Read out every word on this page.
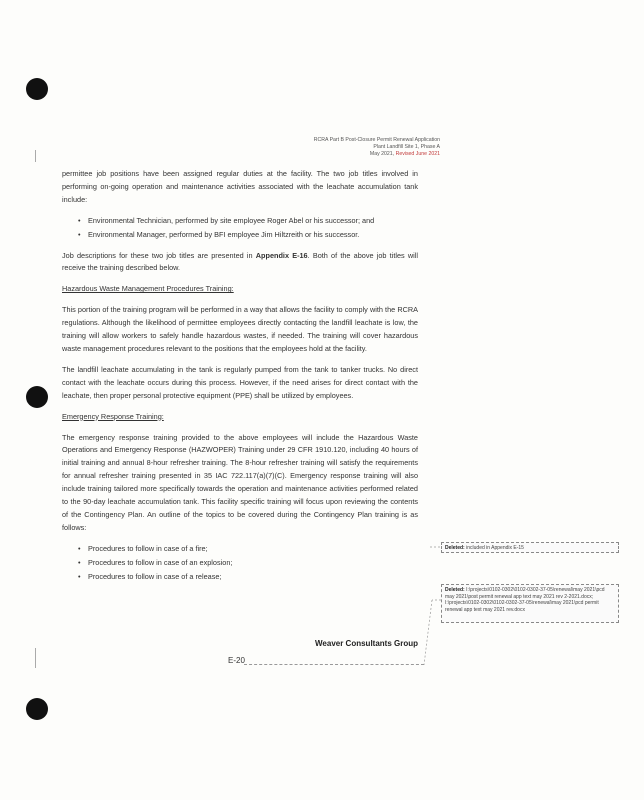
RCRA Part B Post-Closure Permit Renewal Application
Plant Landfill Site 1, Phase A
May 2021, Revised June 2021

permittee job positions have been assigned regular duties at the facility. The two job titles involved in performing on-going operation and maintenance activities associated with the leachate accumulation tank include:

• Environmental Technician, performed by site employee Roger Abel or his successor; and
• Environmental Manager, performed by BFI employee Jim Hiltzreith or his successor.

Job descriptions for these two job titles are presented in Appendix E-16. Both of the above job titles will receive the training described below.

Hazardous Waste Management Procedures Training:

This portion of the training program will be performed in a way that allows the facility to comply with the RCRA regulations. Although the likelihood of permittee employees directly contacting the landfill leachate is low, the training will allow workers to safely handle hazardous wastes, if needed. The training will cover hazardous waste management procedures relevant to the positions that the employees hold at the facility.

The landfill leachate accumulating in the tank is regularly pumped from the tank to tanker trucks. No direct contact with the leachate occurs during this process. However, if the need arises for direct contact with the leachate, then proper personal protective equipment (PPE) shall be utilized by employees.

Emergency Response Training:

The emergency response training provided to the above employees will include the Hazardous Waste Operations and Emergency Response (HAZWOPER) Training under 29 CFR 1910.120, including 40 hours of initial training and annual 8-hour refresher training. The 8-hour refresher training will satisfy the requirements for annual refresher training presented in 35 IAC 722.117(a)(7)(C). Emergency response training will also include training tailored more specifically towards the operation and maintenance activities performed related to the 90-day leachate accumulation tank. This facility specific training will focus upon reviewing the contents of the Contingency Plan. An outline of the topics to be covered during the Contingency Plan training is as follows:

• Procedures to follow in case of a fire;
• Procedures to follow in case of an explosion;
• Procedures to follow in case of a release;
Weaver Consultants Group
E-20
Deleted: included in Appendix E-15
Deleted: I:\projects\0102-0302\0102-0302-37-05\renewal\may 2021\pcd may 2021\post permit renewal app text may 2021 rev 2-2021.docx; I:\projects\0102-0302\0102-0302-37-05\renewal\may 2021\pcd permit renewal app text may 2021 rev.docx
